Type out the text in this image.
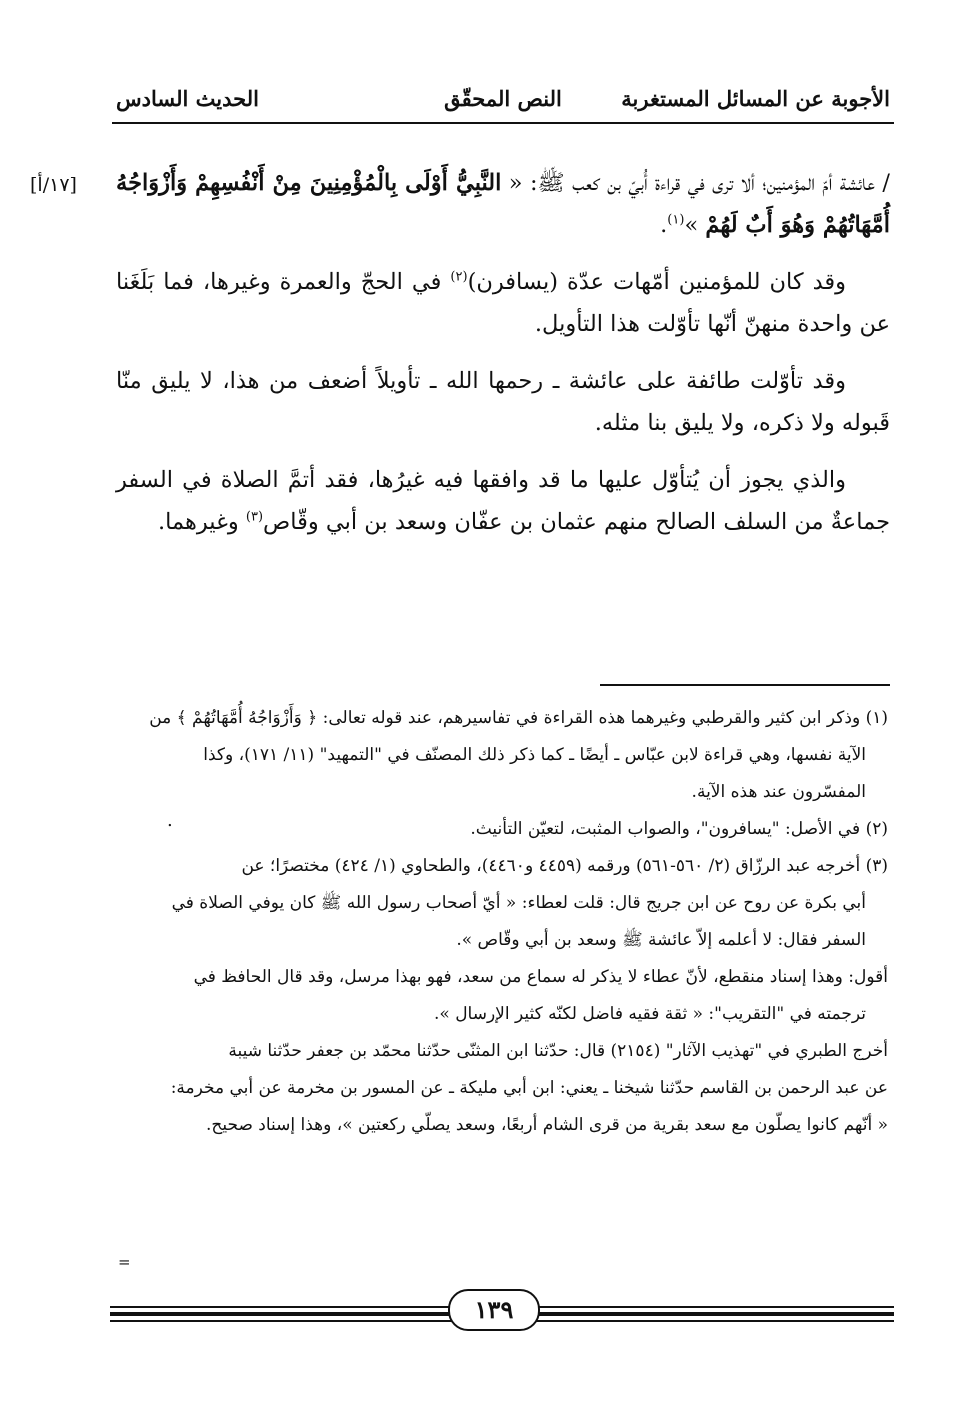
الأجوبة عن المسائل المستغربة
النص المحقّق
الحديث السادس
[١٧/أ]	/ عائشة أمّ المؤمنين؛ ألا ترى في قراءة أُبيّ بن كعب ﷺ: « النَّبِيُّ أَوْلَى بِالْمُؤْمِنِينَ مِنْ أَنْفُسِهِمْ وَأَزْوَاجُهُ أُمَّهَاتُهُمْ وَهُوَ أَبٌ لَهُمْ »$^{(١)}$.

وقد كان للمؤمنين أمّهات عدّة (يسافرن)$^{(٢)}$ في الحجّ والعمرة وغيرها، فما بَلَغَنا عن واحدة منهنّ أنّها تأوّلت هذا التأويل.

وقد تأوّلت طائفة على عائشة ـ رحمها الله ـ تأويلاً أضعف من هذا، لا يليق منّا قَبوله ولا ذكره، ولا يليق بنا مثله.

والذي يجوز أن يُتأوّل عليها ما قد وافقها فيه غيرُها، فقد أتمَّ الصلاة في السفر جماعةٌ من السلف الصالح منهم عثمان بن عفّان وسعد بن أبي وقّاص$^{(٣)}$ وغيرهما.

(١) وذكر ابن كثير والقرطبي وغيرهما هذه القراءة في تفاسيرهم، عند قوله تعالى: ﴿ وَأَزْوَاجُهُ أُمَّهَاتُهُمْ ﴾ من

الآية نفسها، وهي قراءة لابن عبّاس ـ أيضًا ـ كما ذكر ذلك المصنّف في "التمهيد" (١١/ ١٧١)، وكذا

المفسّرون عند هذه الآية.

(٢) في الأصل: "يسافرون"، والصواب المثبت، لتعيّن التأنيث.

(٣) أخرجه عبد الرزّاق (٢/ ٥٦٠-٥٦١) ورقمه (٤٤٥٩ و٤٤٦٠)، والطحاوي (١/ ٤٢٤) مختصرًا؛ عن

أبي بكرة عن روح عن ابن جريج قال: قلت لعطاء: « أيّ أصحاب رسول الله ﷺ كان يوفي الصلاة في

السفر فقال: لا أعلمه إلاّ عائشة ﷺ وسعد بن أبي وقّاص ».

أقول: وهذا إسناد منقطع، لأنّ عطاء لا يذكر له سماع من سعد، فهو بهذا مرسل، وقد قال الحافظ في

ترجمته في "التقريب": « ثقة فقيه فاضل لكنّه كثير الإرسال ».

أخرج الطبري في "تهذيب الآثار" (٢١٥٤) قال: حدّثنا ابن المثنّى حدّثنا محمّد بن جعفر حدّثنا شيبة

عن عبد الرحمن بن القاسم حدّثنا شيخنا ـ يعني: ابن أبي مليكة ـ عن المسور بن مخرمة عن أبي مخرمة:

« أنّهم كانوا يصلّون مع سعد بقرية من قرى الشام أربعًا، وسعد يصلّي ركعتين »، وهذا إسناد صحيح.

.
=
١٣٩
